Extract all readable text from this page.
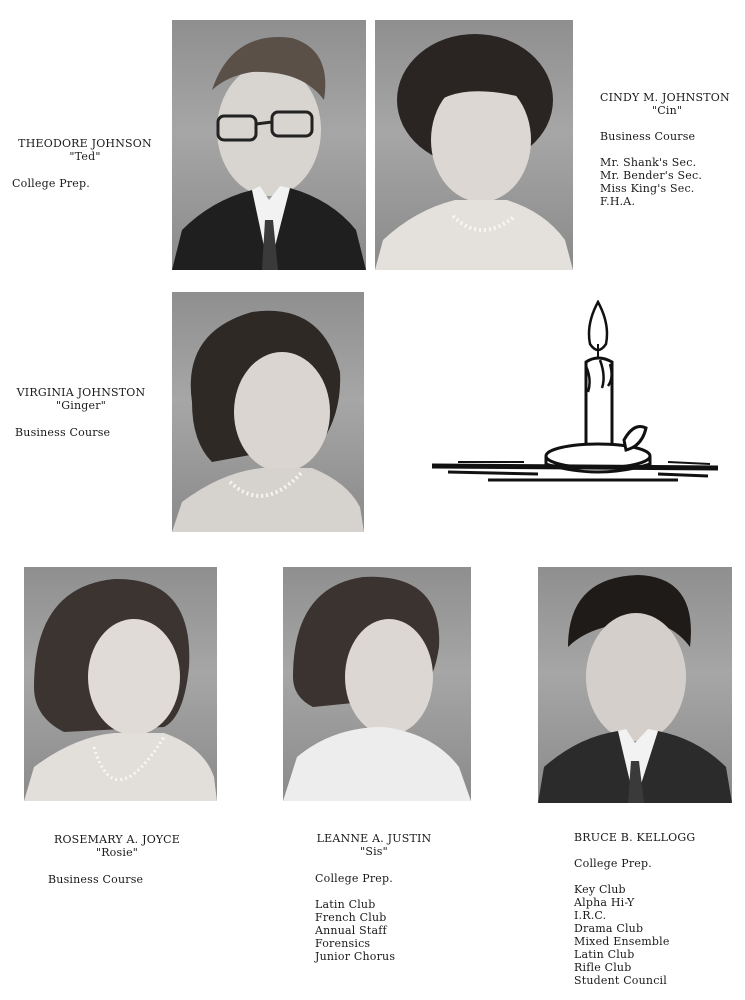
THEODORE JOHNSON
"Ted"
College Prep.
CINDY M. JOHNSTON
"Cin"
Business Course
Mr. Shank's Sec.
Mr. Bender's Sec.
Miss King's Sec.
F.H.A.
VIRGINIA JOHNSTON
"Ginger"
Business Course
ROSEMARY A. JOYCE
"Rosie"
Business Course
LEANNE A. JUSTIN
"Sis"
College Prep.
Latin Club
French Club
Annual Staff
Forensics
Junior Chorus
BRUCE B. KELLOGG
College Prep.
Key Club
Alpha Hi-Y
I.R.C.
Drama Club
Mixed Ensemble
Latin Club
Rifle Club
Student Council
